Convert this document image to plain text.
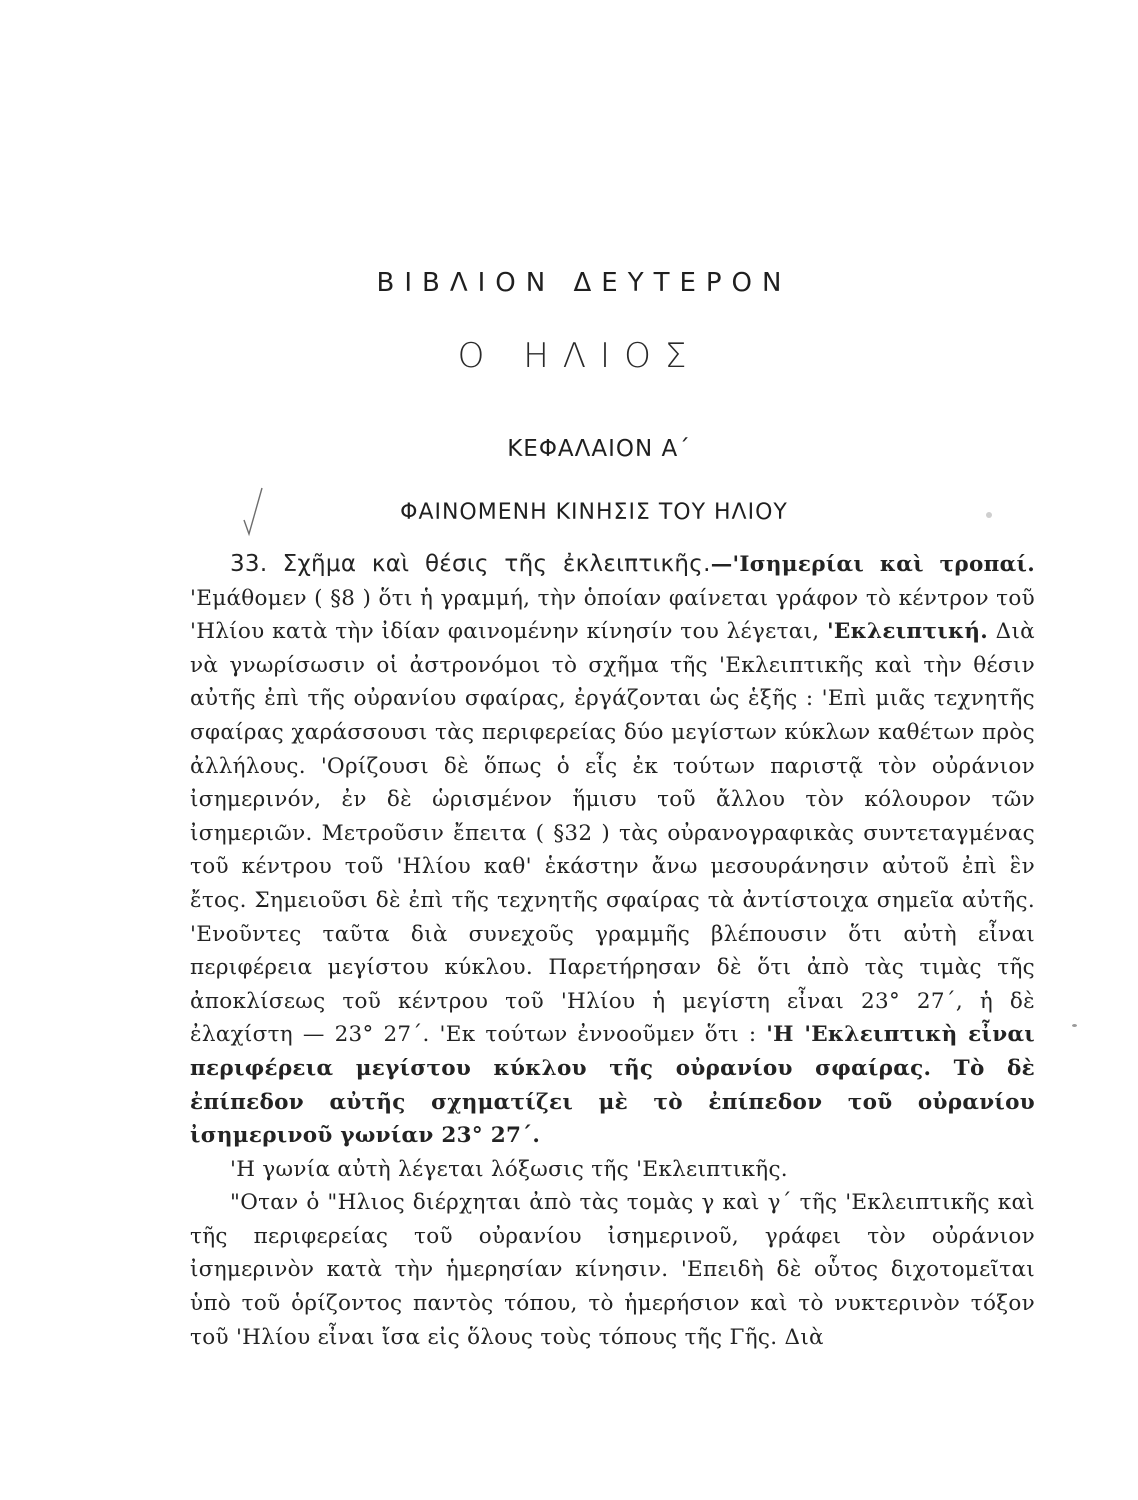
ΒΙΒΛΙΟΝ ΔΕΥΤΕΡΟΝ
Ο ΗΛΙΟΣ
ΚΕΦΑΛΑΙΟΝ Α΄
ΦΑΙΝΟΜΕΝΗ ΚΙΝΗΣΙΣ ΤΟΥ ΗΛΙΟΥ

33. Σχῆμα καὶ θέσις τῆς ἐκλειπτικῆς.—'Ισημερίαι καὶ τροπαί. 'Εμάθομεν ( §8 ) ὅτι ἡ γραμμή, τὴν ὁποίαν φαίνεται γράφον τὸ κέντρον τοῦ 'Ηλίου κατὰ τὴν ἰδίαν φαινομένην κίνησίν του λέγεται, 'Εκλειπτική. Διὰ νὰ γνωρίσωσιν οἱ ἀστρονόμοι τὸ σχῆμα τῆς 'Εκλειπτικῆς καὶ τὴν θέσιν αὐτῆς ἐπὶ τῆς οὐρανίου σφαίρας, ἐργάζονται ὡς ἑξῆς : 'Επὶ μιᾶς τεχνητῆς σφαίρας χαράσσουσι τὰς περιφερείας δύο μεγίστων κύκλων καθέτων πρὸς ἀλλήλους. 'Ορίζουσι δὲ ὅπως ὁ εἷς ἐκ τούτων παριστᾷ τὸν οὐράνιον ἰσημερινόν, ἐν δὲ ὡρισμένον ἥμισυ τοῦ ἄλλου τὸν κόλουρον τῶν ἰσημεριῶν. Μετροῦσιν ἔπειτα ( §32 ) τὰς οὐρανογραφικὰς συντεταγμένας τοῦ κέντρου τοῦ 'Ηλίου καθ' ἑκάστην ἄνω μεσουράνησιν αὐτοῦ ἐπὶ ἓν ἔτος. Σημειοῦσι δὲ ἐπὶ τῆς τεχνητῆς σφαίρας τὰ ἀντίστοιχα σημεῖα αὐτῆς. 'Ενοῦντες ταῦτα διὰ συνεχοῦς γραμμῆς βλέπουσιν ὅτι αὐτὴ εἶναι περιφέρεια μεγίστου κύκλου. Παρετήρησαν δὲ ὅτι ἀπὸ τὰς τιμὰς τῆς ἀποκλίσεως τοῦ κέντρου τοῦ 'Ηλίου ἡ μεγίστη εἶναι 23° 27΄, ἡ δὲ ἐλαχίστη — 23° 27΄. 'Εκ τούτων ἐννοοῦμεν ὅτι : 'Η 'Εκλειπτικὴ εἶναι περιφέρεια μεγίστου κύκλου τῆς οὐρανίου σφαίρας. Τὸ δὲ ἐπίπεδον αὐτῆς σχηματίζει μὲ τὸ ἐπίπεδον τοῦ οὐρανίου ἰσημερινοῦ γωνίαν 23° 27΄.

'Η γωνία αὐτὴ λέγεται λόξωσις τῆς 'Εκλειπτικῆς.

"Οταν ὁ "Ηλιος διέρχηται ἀπὸ τὰς τομὰς γ καὶ γ΄ τῆς 'Εκλειπτικῆς καὶ τῆς περιφερείας τοῦ οὐρανίου ἰσημερινοῦ, γράφει τὸν οὐράνιον ἰσημερινὸν κατὰ τὴν ἡμερησίαν κίνησιν. 'Επειδὴ δὲ οὗτος διχοτομεῖται ὑπὸ τοῦ ὁρίζοντος παντὸς τόπου, τὸ ἡμερήσιον καὶ τὸ νυκτερινὸν τόξον τοῦ 'Ηλίου εἶναι ἴσα εἰς ὅλους τοὺς τόπους τῆς Γῆς. Διὰ
